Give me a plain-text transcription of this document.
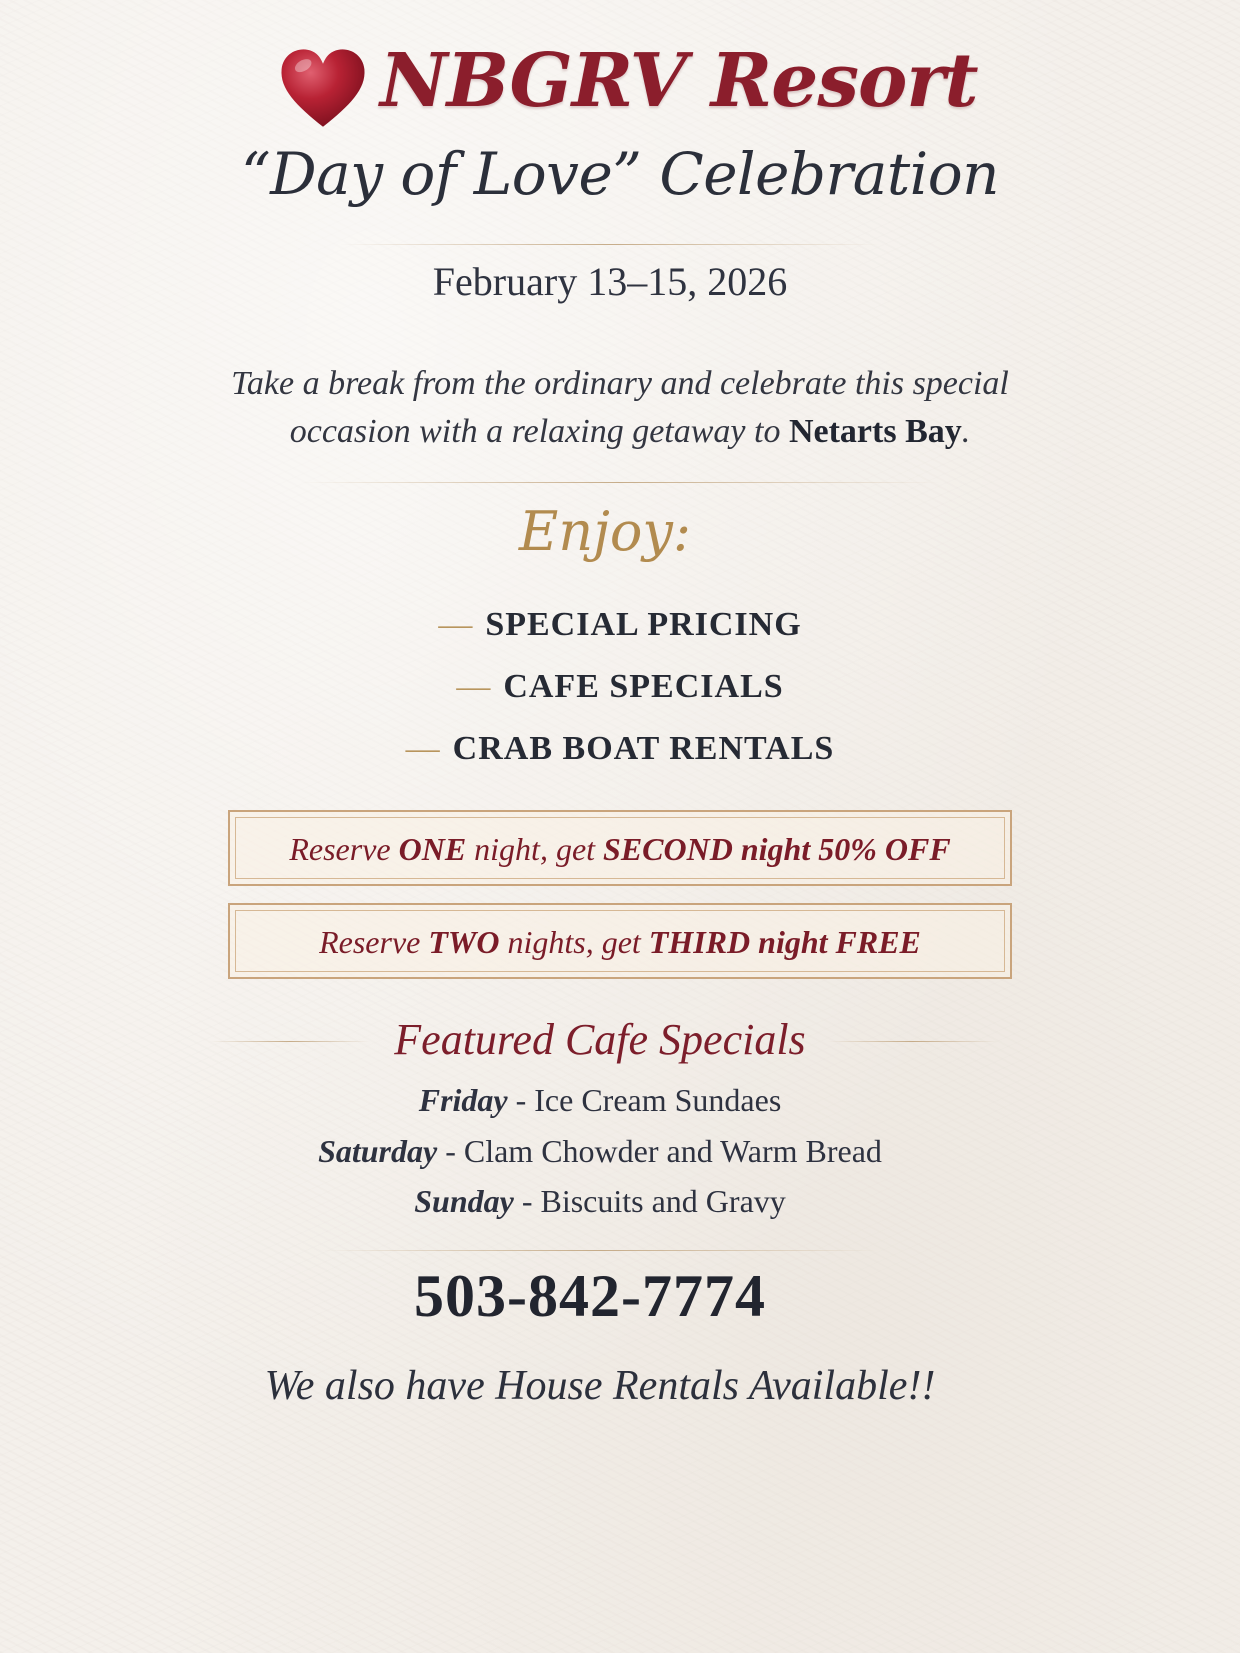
NBGRV Resort
“Day of Love” Celebration
February 13–15, 2026
Take a break from the ordinary and celebrate this special
occasion with a relaxing getaway to Netarts Bay.
Enjoy:
— SPECIAL PRICING
— CAFE SPECIALS
— CRAB BOAT RENTALS
Reserve ONE night, get SECOND night 50% OFF
Reserve TWO nights, get THIRD night FREE
Featured Cafe Specials
Friday - Ice Cream Sundaes
Saturday - Clam Chowder and Warm Bread
Sunday - Biscuits and Gravy
503-842-7774
We also have House Rentals Available!!
